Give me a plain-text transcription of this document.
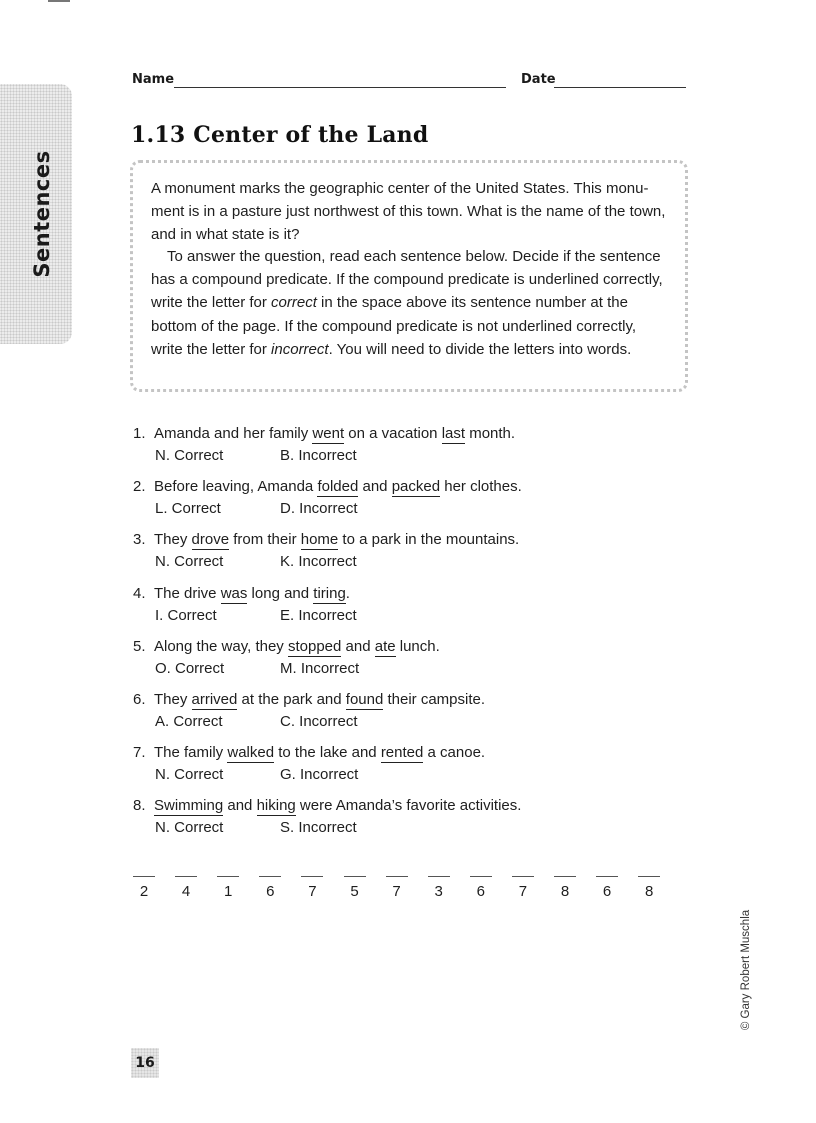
Sentences
Name	Date
1.13 Center of the Land

A monument marks the geographic center of the United States. This monu-ment is in a pasture just northwest of this town. What is the name of the town, and in what state is it?

To answer the question, read each sentence below. Decide if the sentence has a compound predicate. If the compound predicate is underlined correctly, write the letter for correct in the space above its sentence number at the bottom of the page. If the compound predicate is not underlined correctly, write the letter for incorrect. You will need to divide the letters into words.

1. Amanda and her family went on a vacation last month.
N. Correct	B. Incorrect
2. Before leaving, Amanda folded and packed her clothes.
L. Correct	D. Incorrect
3. They drove from their home to a park in the mountains.
N. Correct	K. Incorrect
4. The drive was long and tiring.
I. Correct	E. Incorrect
5. Along the way, they stopped and ate lunch.
O. Correct	M. Incorrect
6. They arrived at the park and found their campsite.
A. Correct	C. Incorrect
7. The family walked to the lake and rented a canoe.
N. Correct	G. Incorrect
8. Swimming and hiking were Amanda’s favorite activities.
N. Correct	S. Incorrect
2	4	1	6	7	5	7	3	6	7	8	6	8
© Gary Robert Muschla
16
